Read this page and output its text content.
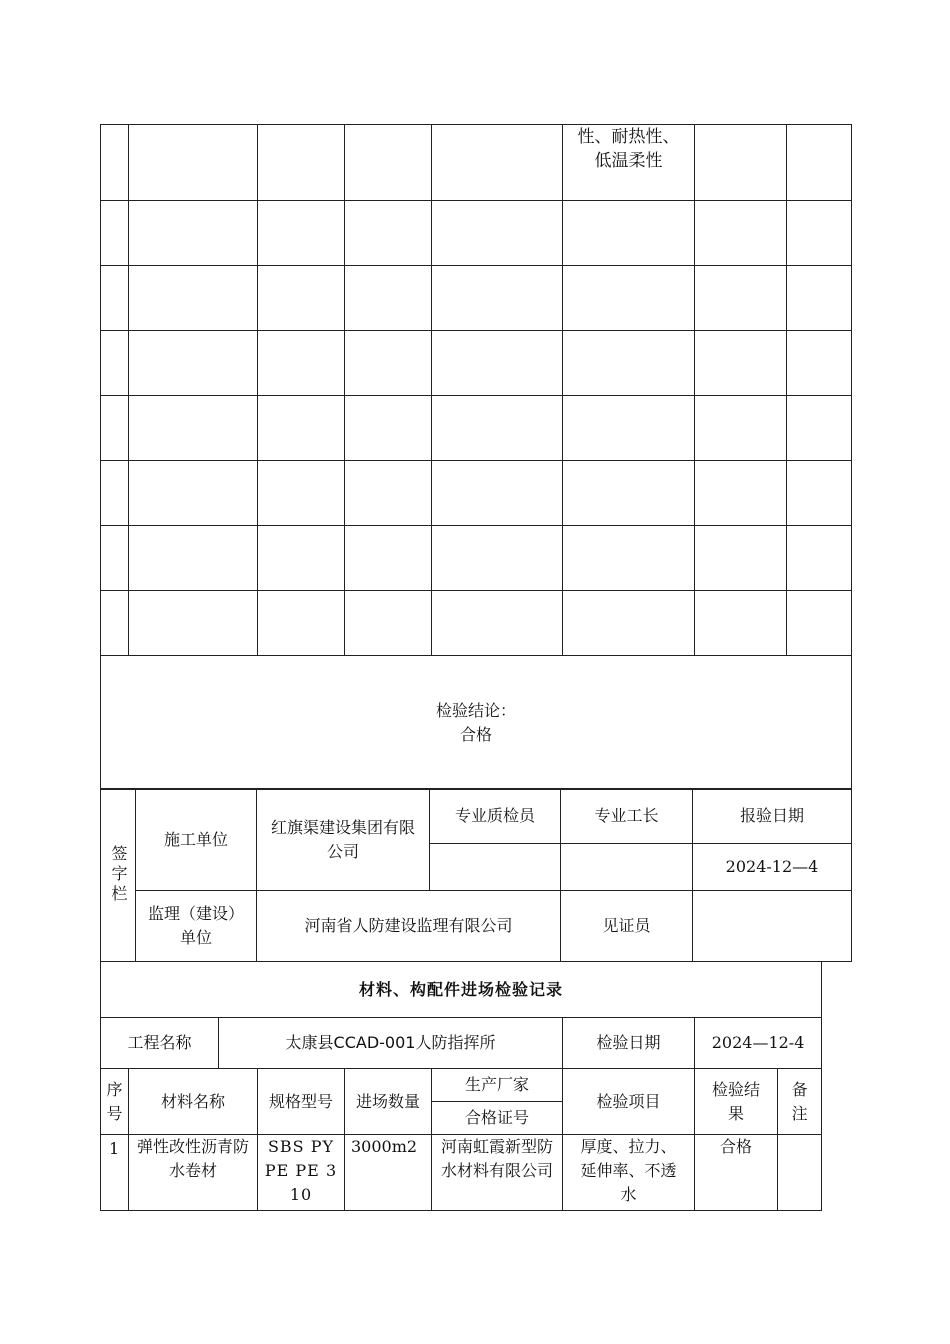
					性、耐热性、低温柔性		

检验结论：
合格							
签字栏	施工单位	红旗渠建设集团有限公司	专业质检员	专业工长	报验日期
					2024-12—4

	监理（建设）单位	河南省人防建设监理有限公司		见证员	
材料、构配件进场检验记录								
工程名称		太康县CCAD-001人防指挥所				检验日期	2024—12-4	

序号	材料名称		规格型号	进场数量	生产厂家	检验项目	检验结果	备注

					合格证号			

1	弹性改性沥青防水卷材		SBS PY PE PE 3 10	3000m2	河南虹霞新型防水材料有限公司	厚度、拉力、延伸率、不透水	合格	
